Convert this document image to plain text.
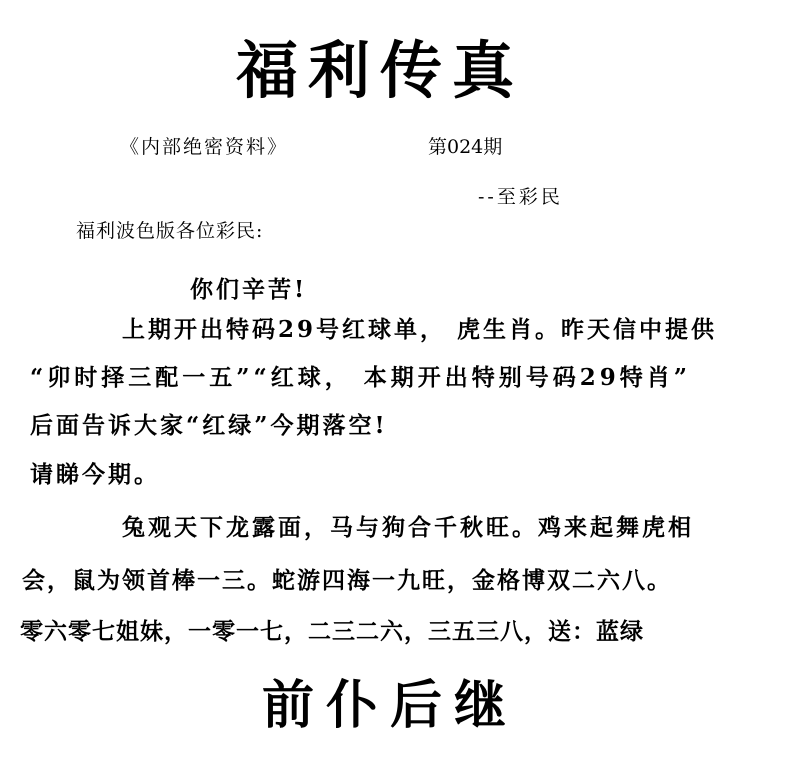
福利传真
《内部绝密资料》	第024期
--至彩民
福利波色版各位彩民:
你们辛苦!
上期开出特码29号红球单， 虎生肖。昨天信中提供
“卯时择三配一五”“红球， 本期开出特别号码29特肖”
后面告诉大家“红绿”今期落空!
请睇今期。
兔观天下龙露面，马与狗合千秋旺。鸡来起舞虎相
会，鼠为领首棒一三。蛇游四海一九旺，金格博双二六八。
零六零七姐妹，一零一七，二三二六，三五三八，送：蓝绿
前仆后继
